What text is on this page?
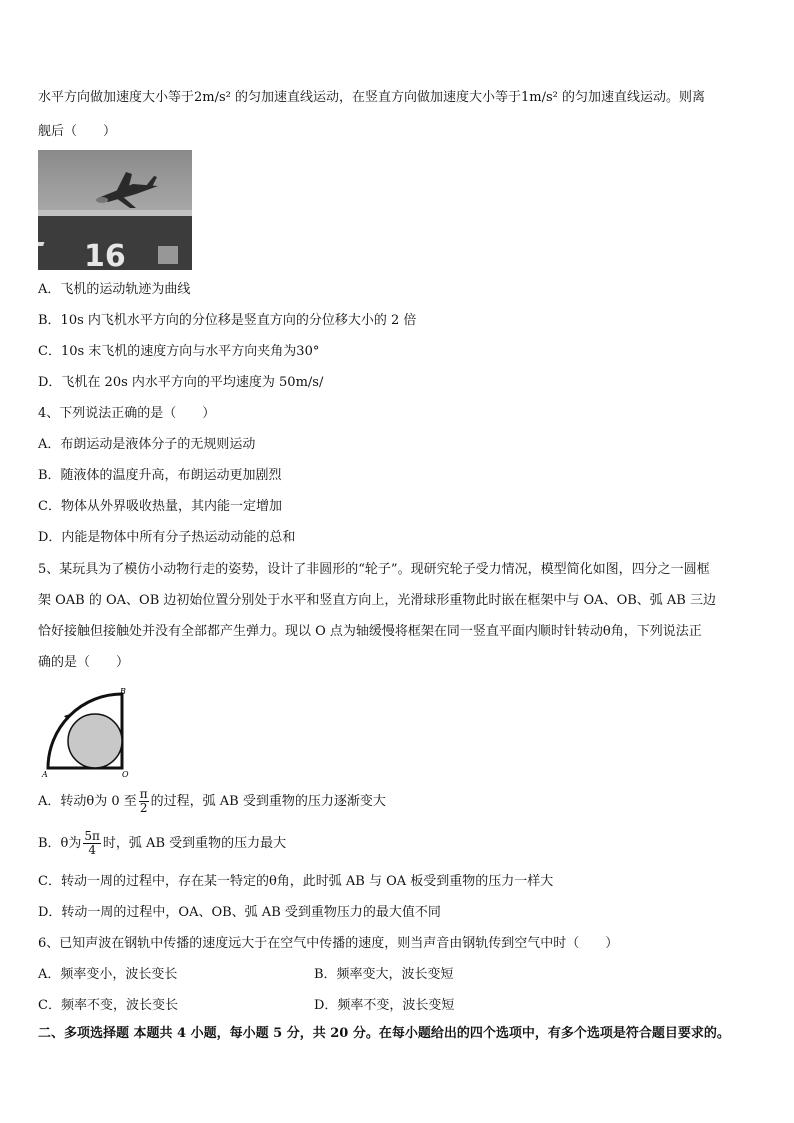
水平方向做加速度大小等于2m/s² 的匀加速直线运动，在竖直方向做加速度大小等于1m/s² 的匀加速直线运动。则离
舰后（　　）
16
A．飞机的运动轨迹为曲线
B．10s 内飞机水平方向的分位移是竖直方向的分位移大小的 2 倍
C．10s 末飞机的速度方向与水平方向夹角为30°
D．飞机在 20s 内水平方向的平均速度为 50m/s/
4、下列说法正确的是（　　）
A．布朗运动是液体分子的无规则运动
B．随液体的温度升高，布朗运动更加剧烈
C．物体从外界吸收热量，其内能一定增加
D．内能是物体中所有分子热运动动能的总和
5、某玩具为了模仿小动物行走的姿势，设计了非圆形的“轮子”。现研究轮子受力情况，模型简化如图，四分之一圆框
架 OAB 的 OA、OB 边初始位置分别处于水平和竖直方向上，光滑球形重物此时嵌在框架中与 OA、OB、弧 AB 三边
恰好接触但接触处并没有全部都产生弹力。现以 O 点为轴缓慢将框架在同一竖直平面内顺时针转动θ角，下列说法正
确的是（　　）
B
A	O
A．转动θ为 0 至 $\frac{\pi}{2}$ 的过程，弧 AB 受到重物的压力逐渐变大
B．θ为 $\frac{5\pi}{4}$ 时，弧 AB 受到重物的压力最大
C．转动一周的过程中，存在某一特定的θ角，此时弧 AB 与 OA 板受到重物的压力一样大
D．转动一周的过程中，OA、OB、弧 AB 受到重物压力的最大值不同
6、已知声波在钢轨中传播的速度远大于在空气中传播的速度，则当声音由钢轨传到空气中时（　　）
A．频率变小，波长变长	B．频率变大，波长变短
C．频率不变，波长变长	D．频率不变，波长变短
二、多项选择题 本题共 4 小题，每小题 5 分，共 20 分。在每小题给出的四个选项中，有多个选项是符合题目要求的。
